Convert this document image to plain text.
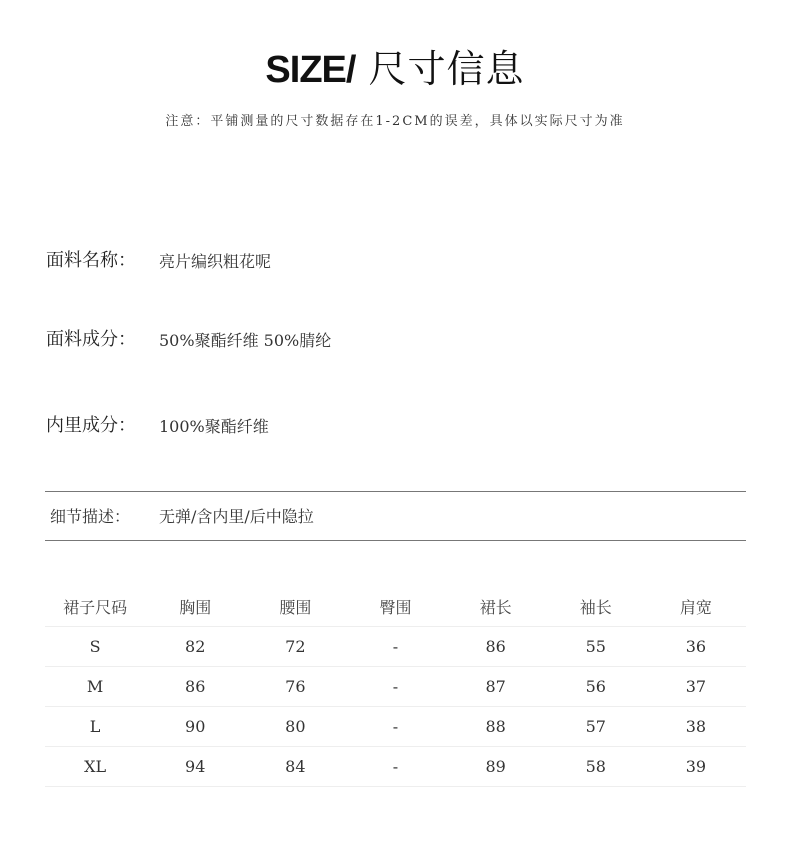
SIZE/ 尺寸信息
注意：平铺测量的尺寸数据存在1-2CM的误差，具体以实际尺寸为准
面料名称： 亮片编织粗花呢
面料成分： 50%聚酯纤维 50%腈纶
内里成分： 100%聚酯纤维
细节描述： 无弹/含内里/后中隐拉
裙子尺码	胸围	腰围	臀围	裙长	袖长	肩宽
S	82	72	-	86	55	36
M	86	76	-	87	56	37
L	90	80	-	88	57	38
XL	94	84	-	89	58	39
